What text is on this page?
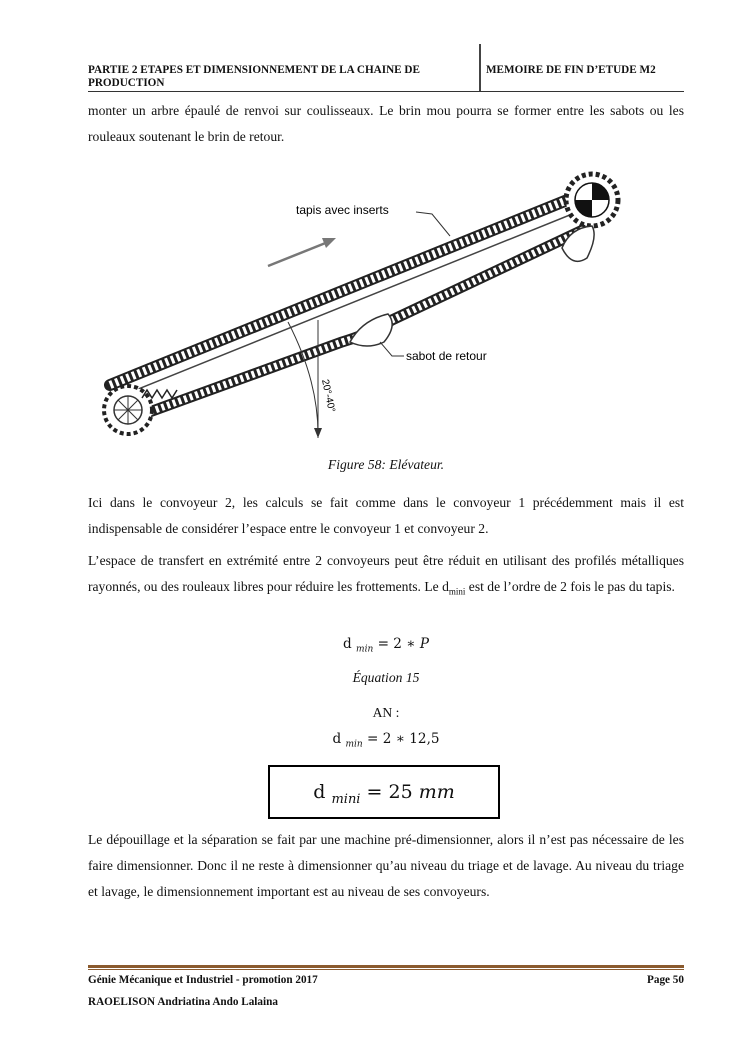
PARTIE 2 ETAPES ET DIMENSIONNEMENT DE LA CHAINE DE PRODUCTION
MEMOIRE DE FIN D’ETUDE M2
monter un arbre épaulé de renvoi sur coulisseaux. Le brin mou pourra se former entre les sabots ou les rouleaux soutenant le brin de retour.
tapis avec inserts
sabot de retour
20°-40°
Figure 58: Elévateur.
Ici dans le convoyeur 2, les calculs se fait comme dans le convoyeur 1 précédemment mais il est indispensable de considérer l’espace entre le convoyeur 1 et convoyeur 2.
L’espace de transfert en extrémité entre 2 convoyeurs peut être réduit en utilisant des profilés métalliques rayonnés, ou des rouleaux libres pour réduire les frottements. Le $d_{mini}$ est de l’ordre de 2 fois le pas du tapis.
d $_{min}$ = 2 ∗ P
Équation 15
AN :
d $_{min}$ = 2 ∗ 12,5
d $_{mini}$ = 25 mm
Le dépouillage et la séparation se fait par une machine pré-dimensionner, alors il n’est pas nécessaire de les faire dimensionner. Donc il ne reste à dimensionner qu’au niveau du triage et de lavage. Au niveau du triage et lavage, le dimensionnement important est au niveau de ses convoyeurs.
Génie Mécanique et Industriel - promotion 2017	Page 50
RAOELISON Andriatina Ando Lalaina
